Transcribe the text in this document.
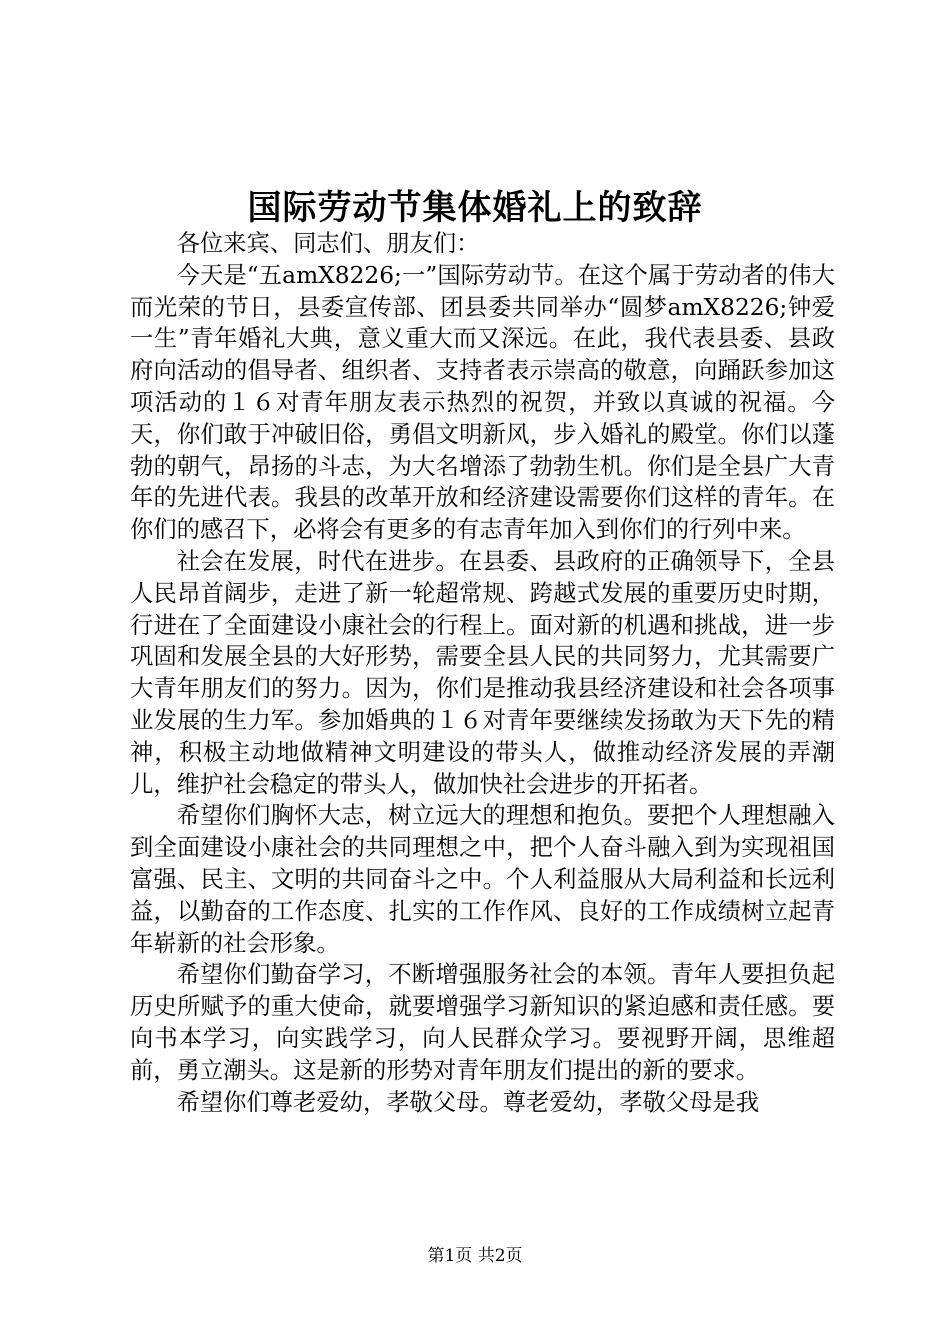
国际劳动节集体婚礼上的致辞

各位来宾、同志们、朋友们：

今天是“五amX8226;一”国际劳动节。在这个属于劳动者的伟大而光荣的节日，县委宣传部、团县委共同举办“圆梦amX8226;钟爱一生”青年婚礼大典，意义重大而又深远。在此，我代表县委、县政府向活动的倡导者、组织者、支持者表示崇高的敬意，向踊跃参加这项活动的１６对青年朋友表示热烈的祝贺，并致以真诚的祝福。今天，你们敢于冲破旧俗，勇倡文明新风，步入婚礼的殿堂。你们以蓬勃的朝气，昂扬的斗志，为大名增添了勃勃生机。你们是全县广大青年的先进代表。我县的改革开放和经济建设需要你们这样的青年。在你们的感召下，必将会有更多的有志青年加入到你们的行列中来。

社会在发展，时代在进步。在县委、县政府的正确领导下，全县人民昂首阔步，走进了新一轮超常规、跨越式发展的重要历史时期，行进在了全面建设小康社会的行程上。面对新的机遇和挑战，进一步巩固和发展全县的大好形势，需要全县人民的共同努力，尤其需要广大青年朋友们的努力。因为，你们是推动我县经济建设和社会各项事业发展的生力军。参加婚典的１６对青年要继续发扬敢为天下先的精神，积极主动地做精神文明建设的带头人，做推动经济发展的弄潮儿，维护社会稳定的带头人，做加快社会进步的开拓者。

希望你们胸怀大志，树立远大的理想和抱负。要把个人理想融入到全面建设小康社会的共同理想之中，把个人奋斗融入到为实现祖国富强、民主、文明的共同奋斗之中。个人利益服从大局利益和长远利益，以勤奋的工作态度、扎实的工作作风、良好的工作成绩树立起青年崭新的社会形象。

希望你们勤奋学习，不断增强服务社会的本领。青年人要担负起历史所赋予的重大使命，就要增强学习新知识的紧迫感和责任感。要向书本学习，向实践学习，向人民群众学习。要视野开阔，思维超前，勇立潮头。这是新的形势对青年朋友们提出的新的要求。

希望你们尊老爱幼，孝敬父母。尊老爱幼，孝敬父母是我

第1页 共2页
